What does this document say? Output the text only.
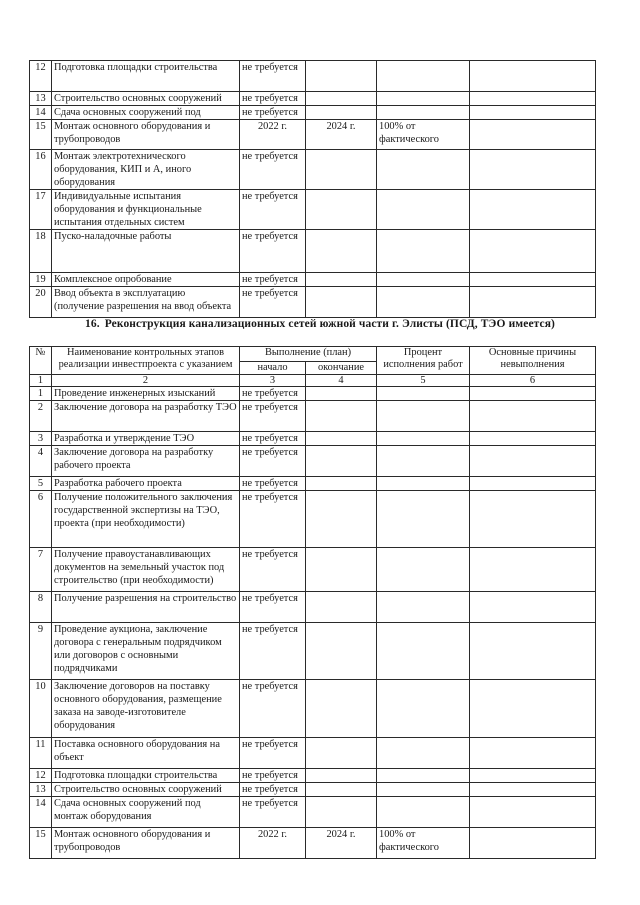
12	Подготовка площадки строительства	не требуется			
13	Строительство основных сооружений	не требуется			
14	Сдача основных сооружений под	не требуется			
15	Монтаж основного оборудования и трубопроводов	2022 г.	2024 г.	100% от фактического	
16	Монтаж электротехнического оборудования, КИП и А, иного оборудования	не требуется			
17	Индивидуальные испытания оборудования и функциональные испытания отдельных систем	не требуется			
18	Пуско-наладочные работы	не требуется			
19	Комплексное опробование	не требуется			
20	Ввод объекта в эксплуатацию (получение разрешения на ввод объекта	не требуется			
16. Реконструкция канализационных сетей южной части г. Элисты (ПСД, ТЭО имеется)
№	Наименование контрольных этапов реализации инвестпроекта с указанием	Выполнение (план)		Процент исполнения работ	Основные причины невыполнения
		начало	окончание		
1	2	3	4	5	6
1	Проведение инженерных изысканий	не требуется			
2	Заключение договора на разработку ТЭО	не требуется			
3	Разработка и утверждение ТЭО	не требуется			
4	Заключение договора на разработку рабочего проекта	не требуется			
5	Разработка рабочего проекта	не требуется			
6	Получение положительного заключения государственной экспертизы на ТЭО, проекта (при необходимости)	не требуется			
7	Получение правоустанавливающих документов на земельный участок под строительство (при необходимости)	не требуется			
8	Получение разрешения на строительство	не требуется			
9	Проведение аукциона, заключение договора с генеральным подрядчиком или договоров с основными подрядчиками	не требуется			
10	Заключение договоров на поставку основного оборудования, размещение заказа на заводе-изготовителе оборудования	не требуется			
11	Поставка основного оборудования на объект	не требуется			
12	Подготовка площадки строительства	не требуется			
13	Строительство основных сооружений	не требуется			
14	Сдача основных сооружений под монтаж оборудования	не требуется			
15	Монтаж основного оборудования и трубопроводов	2022 г.	2024 г.	100% от фактического	
